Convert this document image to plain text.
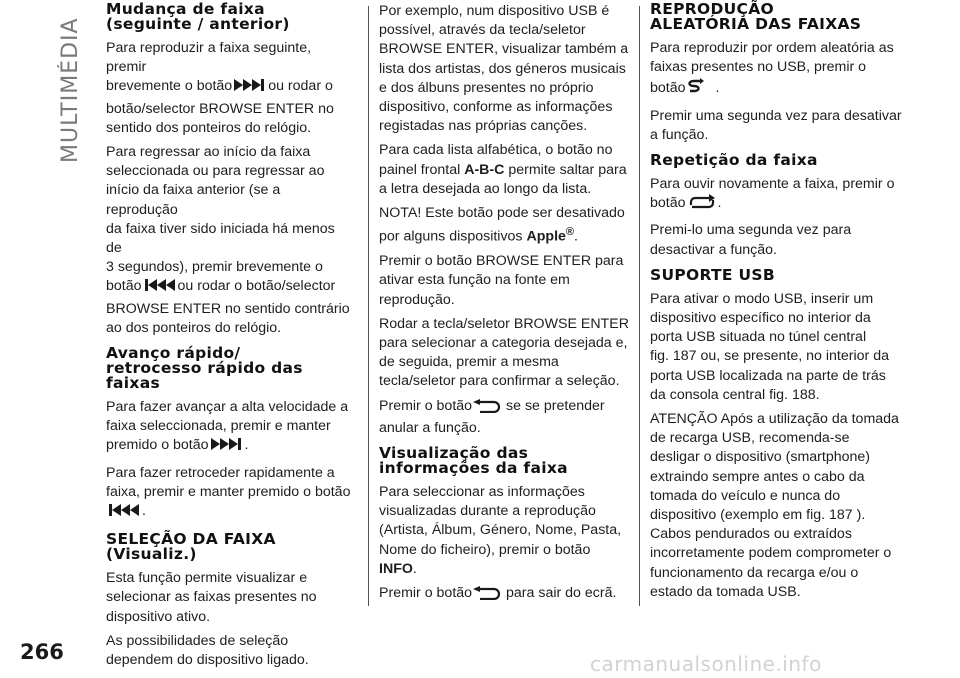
MULTIMÉDIA
Mudança de faixa
(seguinte / anterior)

Para reproduzir a faixa seguinte, premir
brevemente o botão	ou rodar o
botão/selector BROWSE ENTER no
sentido dos ponteiros do relógio.

Para regressar ao início da faixa
seleccionada ou para regressar ao
início da faixa anterior (se a reprodução
da faixa tiver sido iniciada há menos de
3 segundos), premir brevemente o
botão	ou rodar o botão/selector
BROWSE ENTER no sentido contrário
ao dos ponteiros do relógio.

Avanço rápido/
retrocesso rápido das
faixas

Para fazer avançar a alta velocidade a
faixa seleccionada, premir e manter
premido o botão	.

Para fazer retroceder rapidamente a
faixa, premir e manter premido o botão
.

SELEÇÃO DA FAIXA
(Visualiz.)

Esta função permite visualizar e
selecionar as faixas presentes no
dispositivo ativo.

As possibilidades de seleção
dependem do dispositivo ligado.

Por exemplo, num dispositivo USB é
possível, através da tecla/seletor
BROWSE ENTER, visualizar também a
lista dos artistas, dos géneros musicais
e dos álbuns presentes no próprio
dispositivo, conforme as informações
registadas nas próprias canções.

Para cada lista alfabética, o botão no
painel frontal A-B-C permite saltar para
a letra desejada ao longo da lista.

NOTA! Este botão pode ser desativado
por alguns dispositivos Apple®.

Premir o botão BROWSE ENTER para
ativar esta função na fonte em
reprodução.

Rodar a tecla/seletor BROWSE ENTER
para selecionar a categoria desejada e,
de seguida, premir a mesma
tecla/seletor para confirmar a seleção.

Premir o botão se se pretender
anular a função.

Visualização das
informações da faixa

Para seleccionar as informações
visualizadas durante a reprodução
(Artista, Álbum, Género, Nome, Pasta,
Nome do ficheiro), premir o botão
INFO.

Premir o botão para sair do ecrã.

REPRODUÇÃO
ALEATÓRIA DAS FAIXAS

Para reproduzir por ordem aleatória as
faixas presentes no USB, premir o
botão .

Premir uma segunda vez para desativar
a função.

Repetição da faixa

Para ouvir novamente a faixa, premir o
botão .

Premi-lo uma segunda vez para
desactivar a função.

SUPORTE USB

Para ativar o modo USB, inserir um
dispositivo específico no interior da
porta USB situada no túnel central
fig. 187 ou, se presente, no interior da
porta USB localizada na parte de trás
da consola central fig. 188.

ATENÇÃO Após a utilização da tomada
de recarga USB, recomenda-se
desligar o dispositivo (smartphone)
extraindo sempre antes o cabo da
tomada do veículo e nunca do
dispositivo (exemplo em fig. 187 ).
Cabos pendurados ou extraídos
incorretamente podem comprometer o
funcionamento da recarga e/ou o
estado da tomada USB.

266	carmanualsonline.info
